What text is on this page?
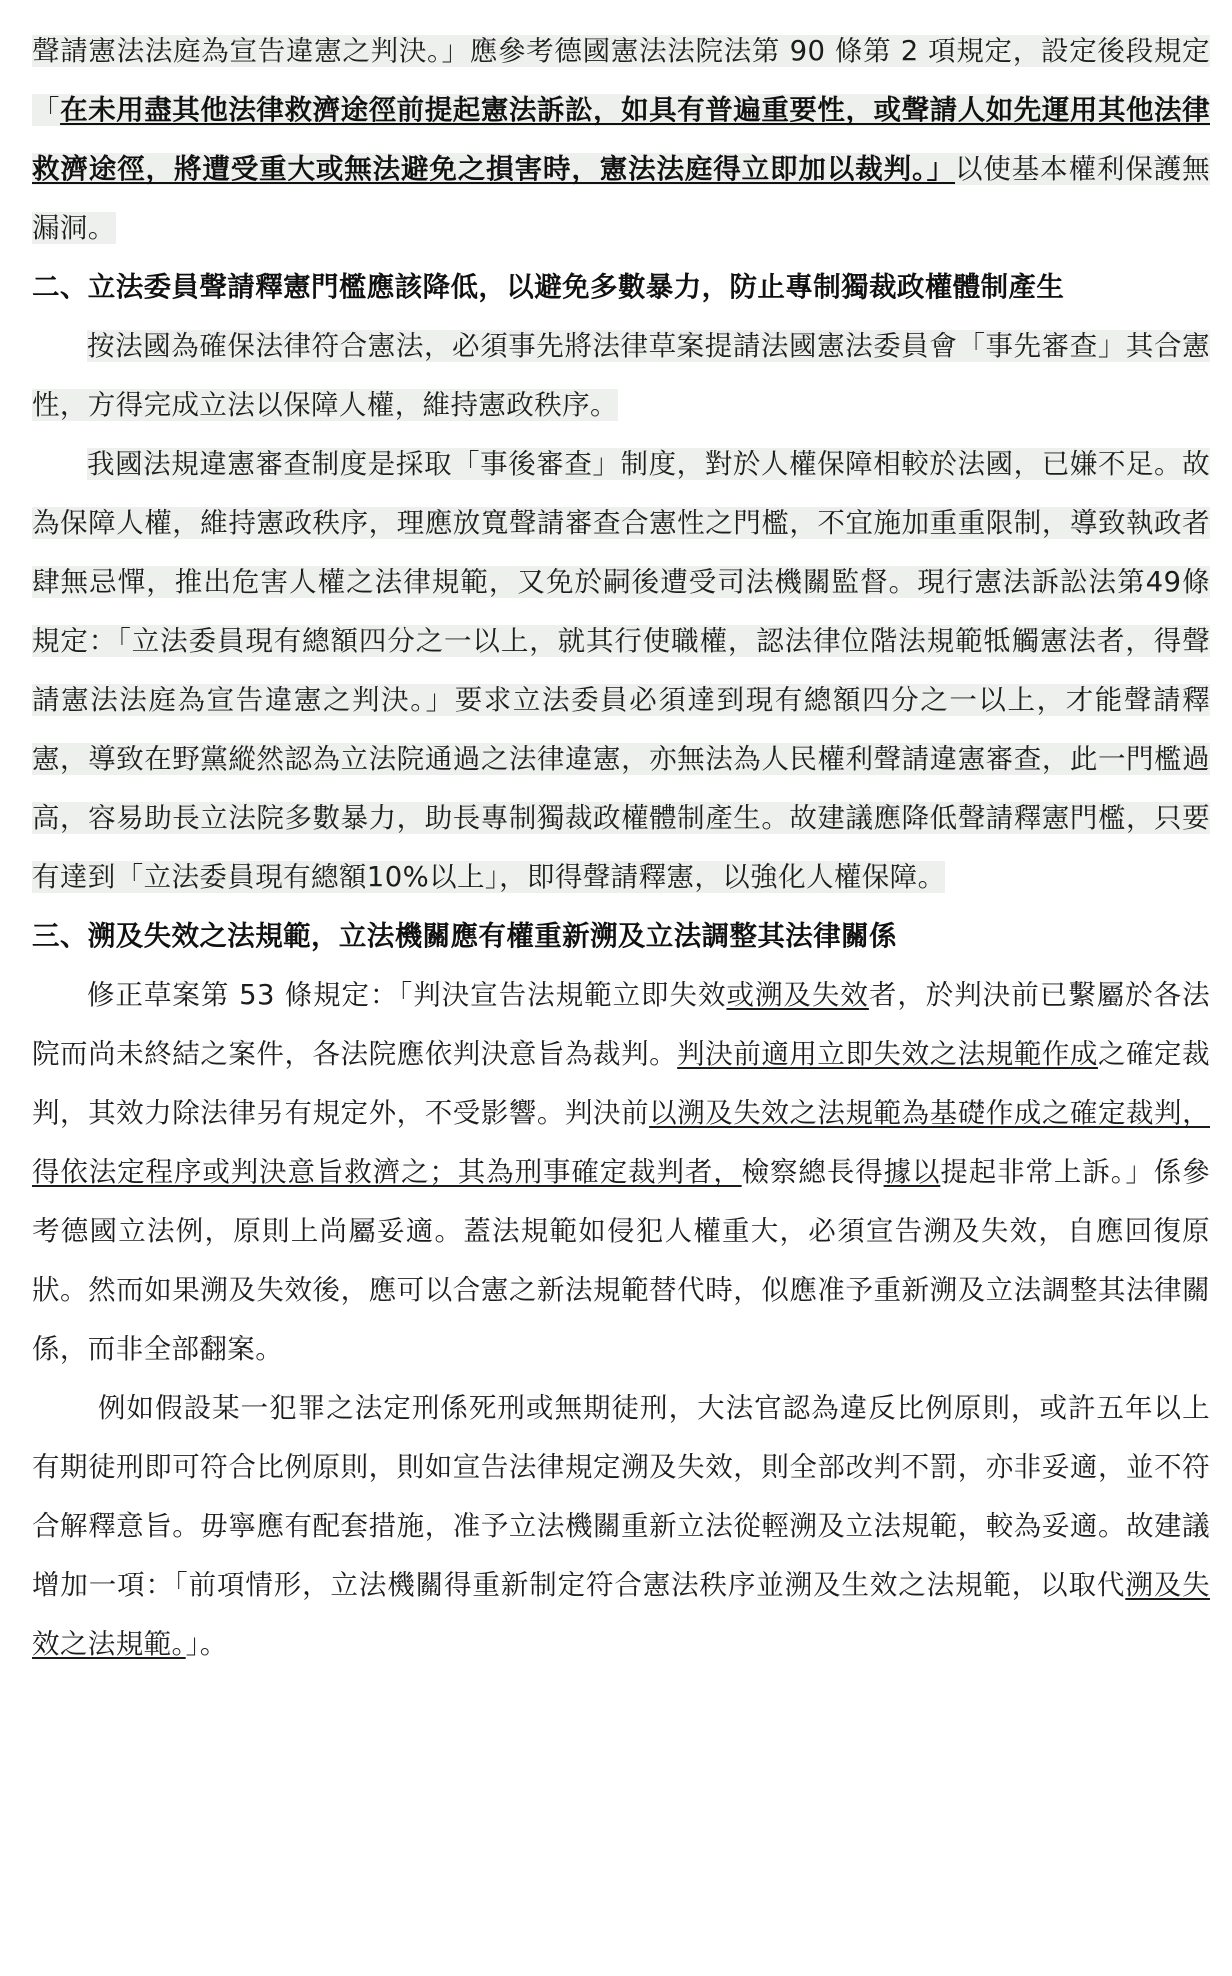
聲請憲法法庭為宣告違憲之判決。」應參考德國憲法法院法第 90 條第 2 項規定，設定後段規定「在未用盡其他法律救濟途徑前提起憲法訴訟，如具有普遍重要性，或聲請人如先運用其他法律救濟途徑，將遭受重大或無法避免之損害時，憲法法庭得立即加以裁判。」以使基本權利保護無漏洞。

二、立法委員聲請釋憲門檻應該降低，以避免多數暴力，防止專制獨裁政權體制產生

按法國為確保法律符合憲法，必須事先將法律草案提請法國憲法委員會「事先審查」其合憲性，方得完成立法以保障人權，維持憲政秩序。

我國法規違憲審查制度是採取「事後審查」制度，對於人權保障相較於法國，已嫌不足。故為保障人權，維持憲政秩序，理應放寬聲請審查合憲性之門檻，不宜施加重重限制，導致執政者肆無忌憚，推出危害人權之法律規範，又免於嗣後遭受司法機關監督。現行憲法訴訟法第49條規定：「立法委員現有總額四分之一以上，就其行使職權，認法律位階法規範牴觸憲法者，得聲請憲法法庭為宣告違憲之判決。」要求立法委員必須達到現有總額四分之一以上，才能聲請釋憲，導致在野黨縱然認為立法院通過之法律違憲，亦無法為人民權利聲請違憲審查，此一門檻過高，容易助長立法院多數暴力，助長專制獨裁政權體制產生。故建議應降低聲請釋憲門檻，只要有達到「立法委員現有總額10%以上」，即得聲請釋憲，以強化人權保障。

三、溯及失效之法規範，立法機關應有權重新溯及立法調整其法律關係

修正草案第 53 條規定：「判決宣告法規範立即失效或溯及失效者，於判決前已繫屬於各法院而尚未終結之案件，各法院應依判決意旨為裁判。判決前適用立即失效之法規範作成之確定裁判，其效力除法律另有規定外，不受影響。判決前以溯及失效之法規範為基礎作成之確定裁判，得依法定程序或判決意旨救濟之；其為刑事確定裁判者，檢察總長得據以提起非常上訴。」係參考德國立法例，原則上尚屬妥適。蓋法規範如侵犯人權重大，必須宣告溯及失效，自應回復原狀。然而如果溯及失效後，應可以合憲之新法規範替代時，似應准予重新溯及立法調整其法律關係，而非全部翻案。

例如假設某一犯罪之法定刑係死刑或無期徒刑，大法官認為違反比例原則，或許五年以上有期徒刑即可符合比例原則，則如宣告法律規定溯及失效，則全部改判不罰，亦非妥適，並不符合解釋意旨。毋寧應有配套措施，准予立法機關重新立法從輕溯及立法規範，較為妥適。故建議增加一項：「前項情形，立法機關得重新制定符合憲法秩序並溯及生效之法規範，以取代溯及失效之法規範。」。
